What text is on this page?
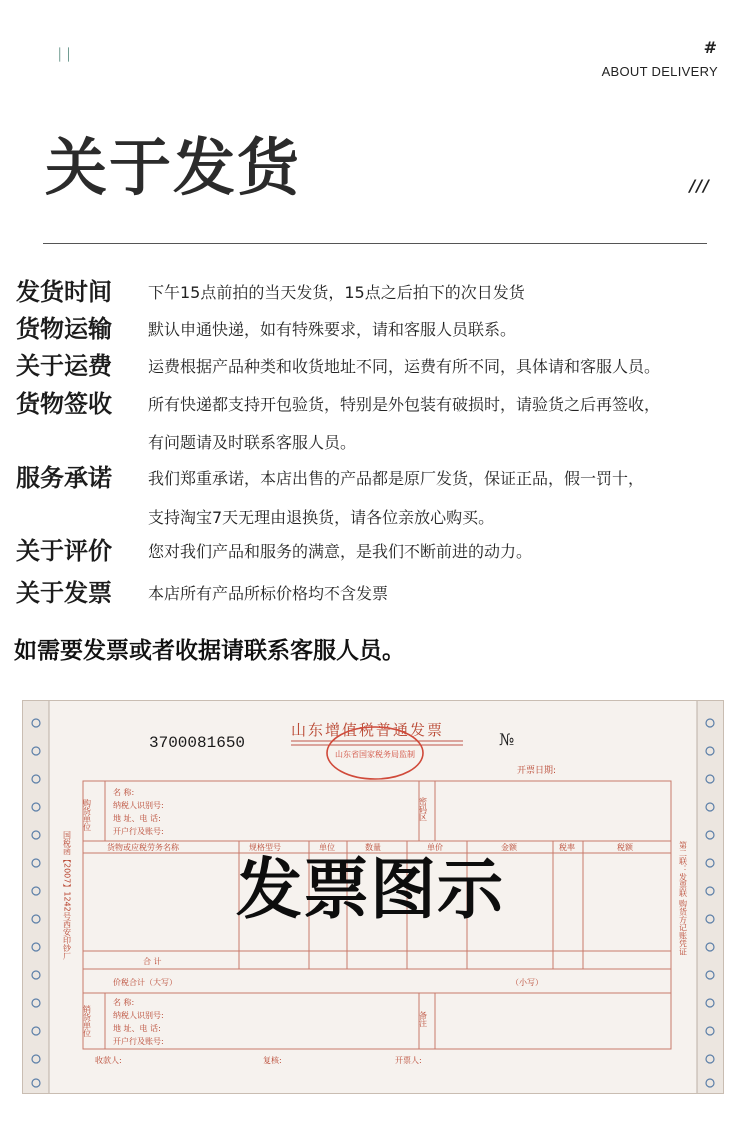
ᛁᛁ	#
ABOUT DELIVERY
关于发货	///
发货时间 下午15点前拍的当天发货，15点之后拍下的次日发货
货物运输 默认申通快递，如有特殊要求，请和客服人员联系。
关于运费 运费根据产品种类和收货地址不同，运费有所不同，具体请和客服人员。
货物签收 所有快递都支持开包验货，特别是外包装有破损时，请验货之后再签收，
有问题请及时联系客服人员。
服务承诺 我们郑重承诺，本店出售的产品都是原厂发货，保证正品，假一罚十，
支持淘宝7天无理由退换货，请各位亲放心购买。
关于评价 您对我们产品和服务的满意，是我们不断前进的动力。
关于发票 本店所有产品所标价格均不含发票
如需要发票或者收据请联系客服人员。
3700081650
山东增值税普通发票
山东省国家税务局监制
№
开票日期:
购货单位
名 称:
纳税人识别号:
地 址、电 话:
开户行及账号:
密码区
货物或应税劳务名称	规格型号	单位	数量	单价	金额	税率	税额
合 计
价税合计（大写）	（小写）
销货单位
名 称:
纳税人识别号:
地 址、电 话:
开户行及账号:
备注
收款人:	复核:	开票人:
国税函【2007】1242号西安印钞厂	第二联：发票联 购货方记账凭证
发票图示
